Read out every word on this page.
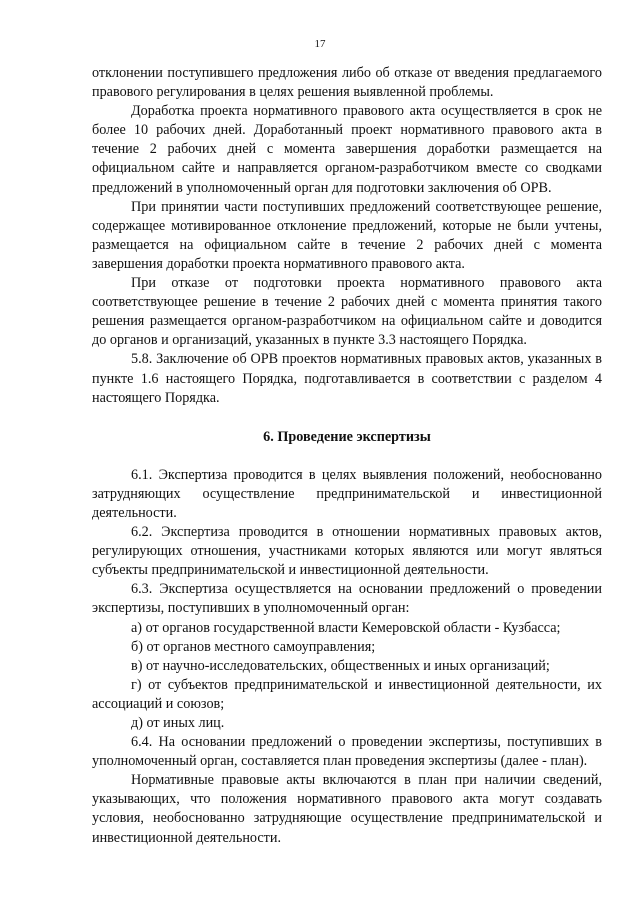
17

отклонении поступившего предложения либо об отказе от введения предлагаемого правового регулирования в целях решения выявленной проблемы.

Доработка проекта нормативного правового акта осуществляется в срок не более 10 рабочих дней. Доработанный проект нормативного правового акта в течение 2 рабочих дней с момента завершения доработки размещается на официальном сайте и направляется органом-разработчиком вместе со сводками предложений в уполномоченный орган для подготовки заключения об ОРВ.

При принятии части поступивших предложений соответствующее решение, содержащее мотивированное отклонение предложений, которые не были учтены, размещается на официальном сайте в течение 2 рабочих дней с момента завершения доработки проекта нормативного правового акта.

При отказе от подготовки проекта нормативного правового акта соответствующее решение в течение 2 рабочих дней с момента принятия такого решения размещается органом-разработчиком на официальном сайте и доводится до органов и организаций, указанных в пункте 3.3 настоящего Порядка.

5.8. Заключение об ОРВ проектов нормативных правовых актов, указанных в пункте 1.6 настоящего Порядка, подготавливается в соответствии с разделом 4 настоящего Порядка.

6. Проведение экспертизы

6.1. Экспертиза проводится в целях выявления положений, необоснованно затрудняющих осуществление предпринимательской и инвестиционной деятельности.

6.2. Экспертиза проводится в отношении нормативных правовых актов, регулирующих отношения, участниками которых являются или могут являться субъекты предпринимательской и инвестиционной деятельности.

6.3. Экспертиза осуществляется на основании предложений о проведении экспертизы, поступивших в уполномоченный орган:

а) от органов государственной власти Кемеровской области - Кузбасса;

б) от органов местного самоуправления;

в) от научно-исследовательских, общественных и иных организаций;

г) от субъектов предпринимательской и инвестиционной деятельности, их ассоциаций и союзов;

д) от иных лиц.

6.4. На основании предложений о проведении экспертизы, поступивших в уполномоченный орган, составляется план проведения экспертизы (далее - план).

Нормативные правовые акты включаются в план при наличии сведений, указывающих, что положения нормативного правового акта могут создавать условия, необоснованно затрудняющие осуществление предпринимательской и инвестиционной деятельности.
